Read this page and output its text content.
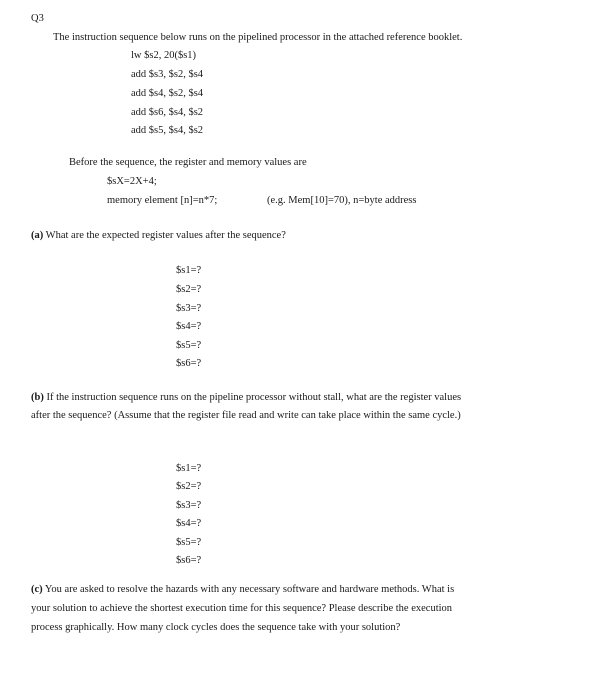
Q3
The instruction sequence below runs on the pipelined processor in the attached reference booklet.
lw $s2, 20($s1)
add $s3, $s2, $s4
add $s4, $s2, $s4
add $s6, $s4, $s2
add $s5, $s4, $s2
Before the sequence, the register and memory values are
$sX=2X+4;
memory element [n]=n*7;	(e.g. Mem[10]=70), n=byte address
(a) What are the expected register values after the sequence?
$s1=?
$s2=?
$s3=?
$s4=?
$s5=?
$s6=?
(b) If the instruction sequence runs on the pipeline processor without stall, what are the register values
after the sequence? (Assume that the register file read and write can take place within the same cycle.)
$s1=?
$s2=?
$s3=?
$s4=?
$s5=?
$s6=?
(c) You are asked to resolve the hazards with any necessary software and hardware methods. What is
your solution to achieve the shortest execution time for this sequence? Please describe the execution
process graphically. How many clock cycles does the sequence take with your solution?
